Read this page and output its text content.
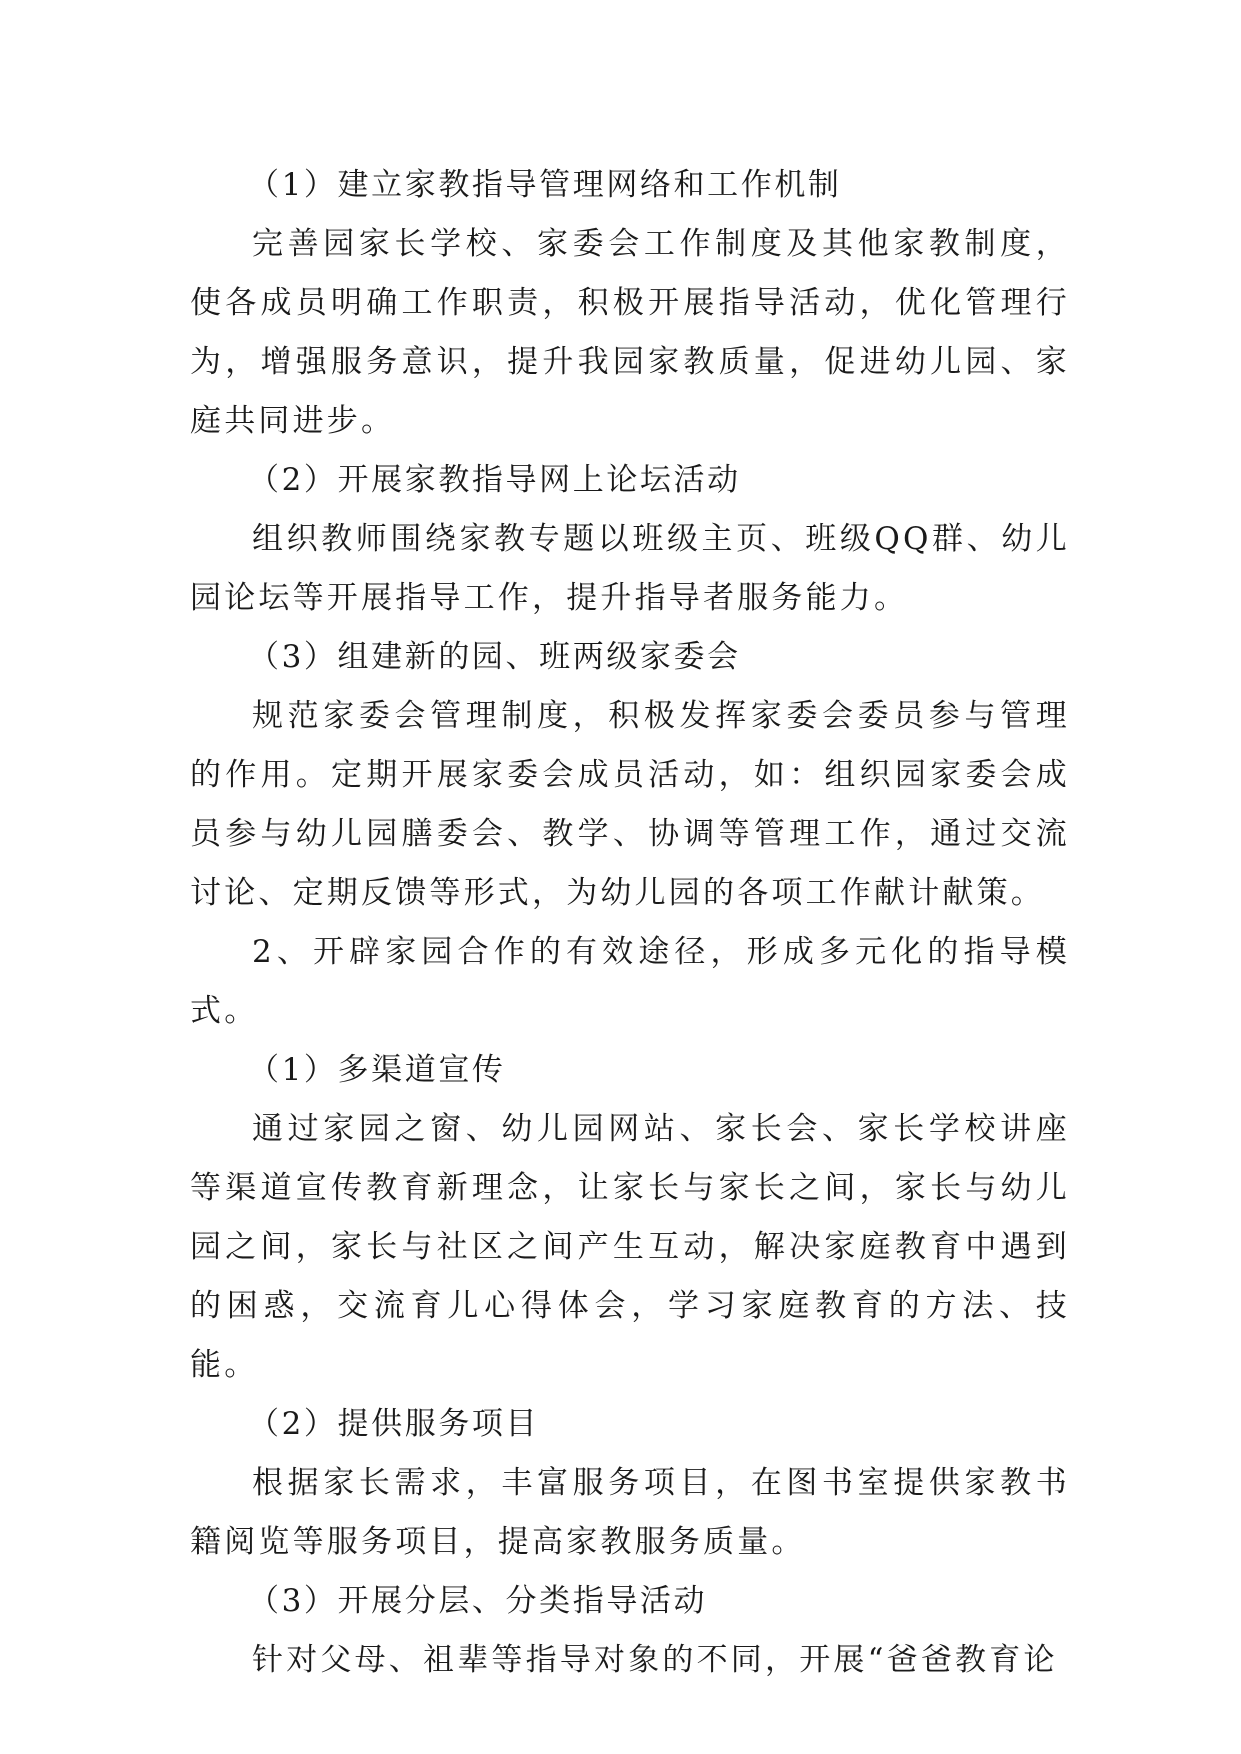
（1）建立家教指导管理网络和工作机制

完善园家长学校、家委会工作制度及其他家教制度，使各成员明确工作职责，积极开展指导活动，优化管理行为，增强服务意识，提升我园家教质量，促进幼儿园、家庭共同进步。

（2）开展家教指导网上论坛活动

组织教师围绕家教专题以班级主页、班级QQ群、幼儿园论坛等开展指导工作，提升指导者服务能力。

（3）组建新的园、班两级家委会

规范家委会管理制度，积极发挥家委会委员参与管理的作用。定期开展家委会成员活动，如：组织园家委会成员参与幼儿园膳委会、教学、协调等管理工作，通过交流讨论、定期反馈等形式，为幼儿园的各项工作献计献策。

2、开辟家园合作的有效途径，形成多元化的指导模式。

（1）多渠道宣传

通过家园之窗、幼儿园网站、家长会、家长学校讲座等渠道宣传教育新理念，让家长与家长之间，家长与幼儿园之间，家长与社区之间产生互动，解决家庭教育中遇到的困惑，交流育儿心得体会，学习家庭教育的方法、技能。

（2）提供服务项目

根据家长需求，丰富服务项目，在图书室提供家教书籍阅览等服务项目，提高家教服务质量。

（3）开展分层、分类指导活动

针对父母、祖辈等指导对象的不同，开展“爸爸教育论
